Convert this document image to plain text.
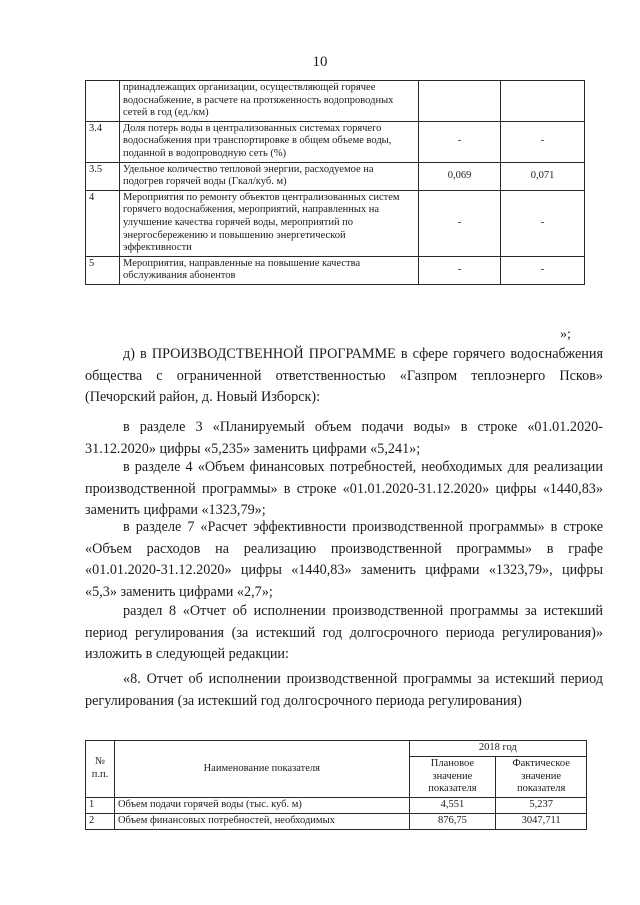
10
	принадлежащих организации, осуществляющей горячее водоснабжение, в расчете на протяженность водопроводных сетей в год (ед./км)		
3.4	Доля потерь воды в централизованных системах горячего водоснабжения при транспортировке в общем объеме воды, поданной в водопроводную сеть (%)	-	-
3.5	Удельное количество тепловой энергии, расходуемое на подогрев горячей воды (Гкал/куб. м)	0,069	0,071
4	Мероприятия по ремонту объектов централизованных систем горячего водоснабжения, мероприятий, направленных на улучшение качества горячей воды, мероприятий по энергосбережению и повышению энергетической эффективности	-	-
5	Мероприятия, направленные на повышение качества обслуживания абонентов	-	-
»;

д) в ПРОИЗВОДСТВЕННОЙ ПРОГРАММЕ в сфере горячего водоснабжения общества с ограниченной ответственностью «Газпром теплоэнерго Псков» (Печорский район, д. Новый Изборск):

в разделе 3 «Планируемый объем подачи воды» в строке «01.01.2020-31.12.2020» цифры «5,235» заменить цифрами «5,241»;

в разделе 4 «Объем финансовых потребностей, необходимых для реализации производственной программы» в строке «01.01.2020-31.12.2020» цифры «1440,83» заменить цифрами «1323,79»;

в разделе 7 «Расчет эффективности производственной программы» в строке «Объем расходов на реализацию производственной программы» в графе «01.01.2020-31.12.2020» цифры «1440,83» заменить цифрами «1323,79», цифры «5,3» заменить цифрами «2,7»;

раздел 8 «Отчет об исполнении производственной программы за истекший период регулирования (за истекший год долгосрочного периода регулирования)» изложить в следующей редакции:

«8. Отчет об исполнении производственной программы за истекший период регулирования (за истекший год долгосрочного периода регулирования)

№ п.п.	Наименование показателя	2018 год	
		Плановое значение показателя	Фактическое значение показателя
1	Объем подачи горячей воды (тыс. куб. м)	4,551	5,237
2	Объем финансовых потребностей, необходимых	876,75	3047,711
